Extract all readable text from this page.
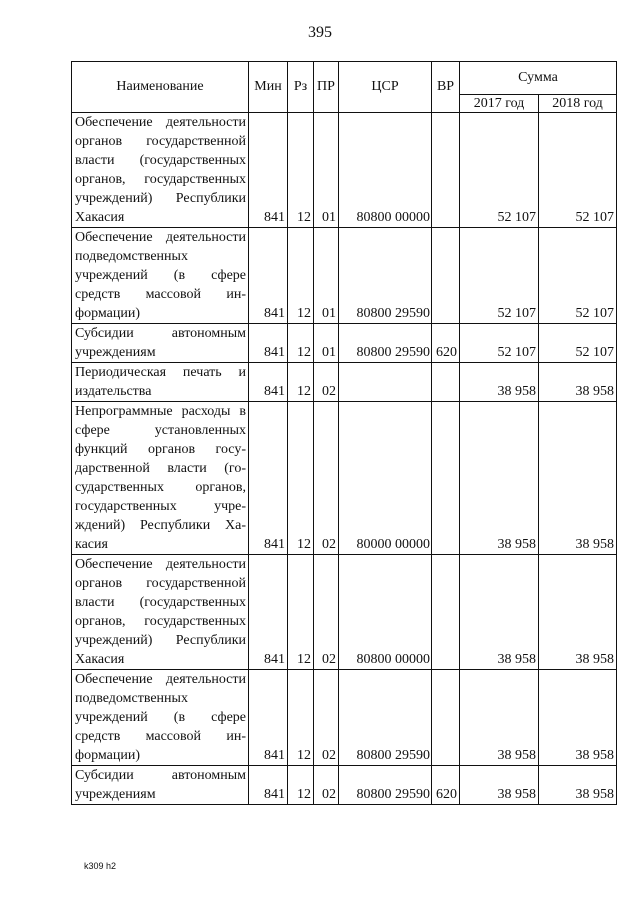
395
Наименование	Мин	Рз	ПР	ЦСР	ВР	Сумма	
						2017 год	2018 год
Обеспечение деятельности органов государственной власти (государственных органов, государственных учреждений) Республики Хакасия	841	12	01	80800 00000		52 107	52 107
Обеспечение деятельности подведомственных учреждений (в сфере средств массовой информации)	841	12	01	80800 29590		52 107	52 107
Субсидии автономным учреждениям	841	12	01	80800 29590	620	52 107	52 107
Периодическая печать и издательства	841	12	02			38 958	38 958
Непрограммные расходы в сфере установленных функций органов государственной власти (государственных органов, государственных учреждений) Республики Хакасия	841	12	02	80000 00000		38 958	38 958
Обеспечение деятельности органов государственной власти (государственных органов, государственных учреждений) Республики Хакасия	841	12	02	80800 00000		38 958	38 958
Обеспечение деятельности подведомственных учреждений (в сфере средств массовой информации)	841	12	02	80800 29590		38 958	38 958
Субсидии автономным учреждениям	841	12	02	80800 29590	620	38 958	38 958
k309 h2
